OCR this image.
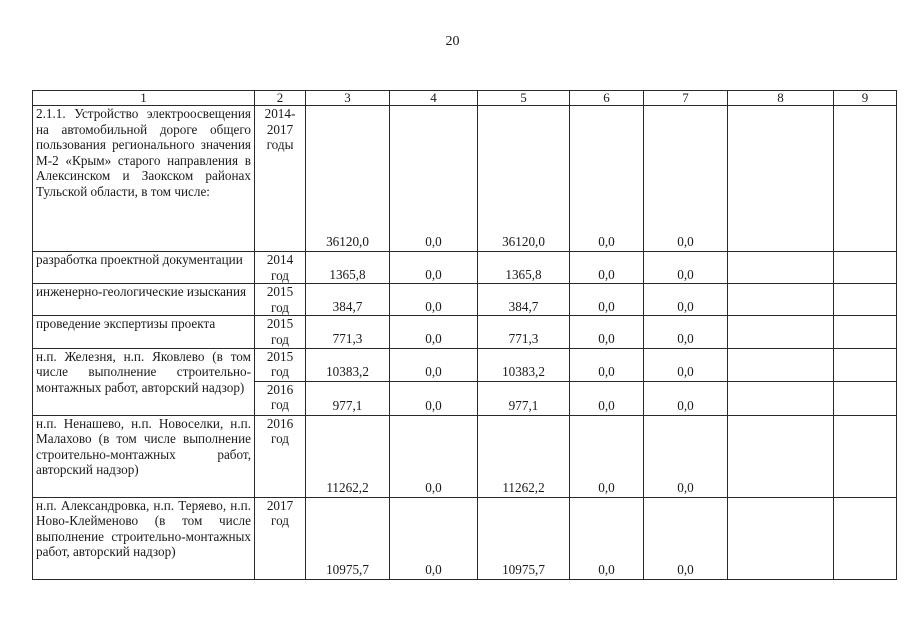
20
1	2	3	4	5	6	7	8	9
2.1.1. Устройство электроосвещения на автомобильной дороге общего пользования регионального значения М-2 «Крым» старого направления в Алексинском и Заокском районах Тульской области, в том числе:	2014-2017 годы	36120,0	0,0	36120,0	0,0	0,0		
разработка проектной документации	2014 год	1365,8	0,0	1365,8	0,0	0,0		
инженерно-геологические изыскания	2015 год	384,7	0,0	384,7	0,0	0,0		
проведение экспертизы проекта	2015 год	771,3	0,0	771,3	0,0	0,0		
н.п. Железня, н.п. Яковлево (в том числе выполнение строительно-монтажных работ, авторский надзор)	2015 год	10383,2	0,0	10383,2	0,0	0,0		
	2016 год	977,1	0,0	977,1	0,0	0,0		
н.п. Ненашево, н.п. Новоселки, н.п. Малахово (в том числе выполнение строительно-монтажных работ, авторский надзор)	2016 год	11262,2	0,0	11262,2	0,0	0,0		
н.п. Александровка, н.п. Теряево, н.п. Ново-Клейменово (в том числе выполнение строительно-монтажных работ, авторский надзор)	2017 год	10975,7	0,0	10975,7	0,0	0,0		
